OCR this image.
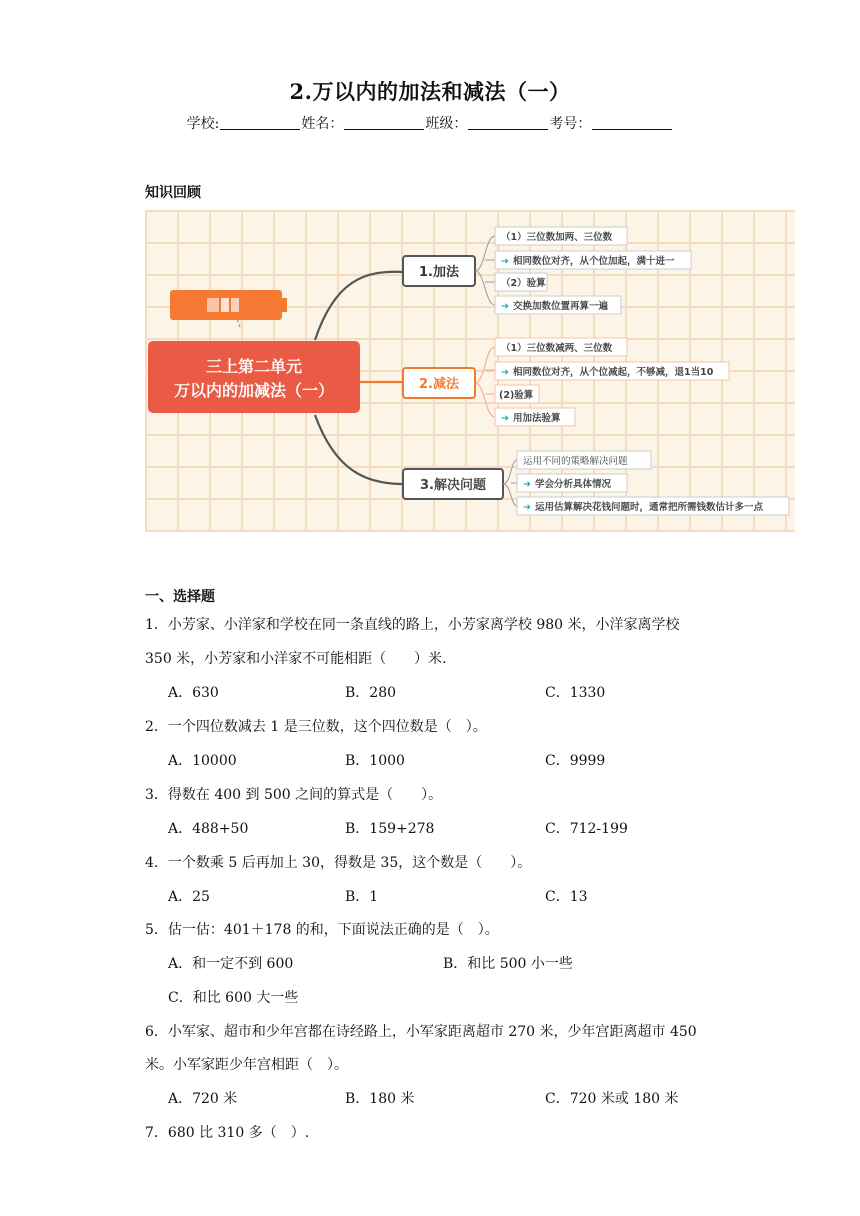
2.万以内的加法和减法（一）
学校:	姓名：	班级：	考号：
知识回顾
三上第二单元
万以内的加减法（一）
1.加法
（1）三位数加两、三位数
➔ 相同数位对齐，从个位加起，满十进一
（2）验算
➔ 交换加数位置再算一遍
2.减法
（1）三位数减两、三位数
➔ 相同数位对齐，从个位减起，不够减，退1当10
(2)验算
➔ 用加法验算
3.解决问题
运用不同的策略解决问题
➔ 学会分析具体情况
➔ 运用估算解决花钱问题时，通常把所需钱数估计多一点
一、选择题
1．小芳家、小洋家和学校在同一条直线的路上，小芳家离学校 980 米，小洋家离学校
350 米，小芳家和小洋家不可能相距（　　）米.
A．630	B．280	C．1330
2．一个四位数减去 1 是三位数，这个四位数是（　）。
A．10000	B．1000	C．9999
3．得数在 400 到 500 之间的算式是（　　）。
A．488+50	B．159+278	C．712-199
4．一个数乘 5 后再加上 30，得数是 35，这个数是（　　）。
A．25	B．1	C．13
5．估一估：401＋178 的和，下面说法正确的是（　）。
A．和一定不到 600	B．和比 500 小一些
C．和比 600 大一些
6．小军家、超市和少年宫都在诗经路上，小军家距离超市 270 米，少年宫距离超市 450
米。小军家距少年宫相距（　）。
A．720 米	B．180 米	C．720 米或 180 米
7．680 比 310 多（　）.
